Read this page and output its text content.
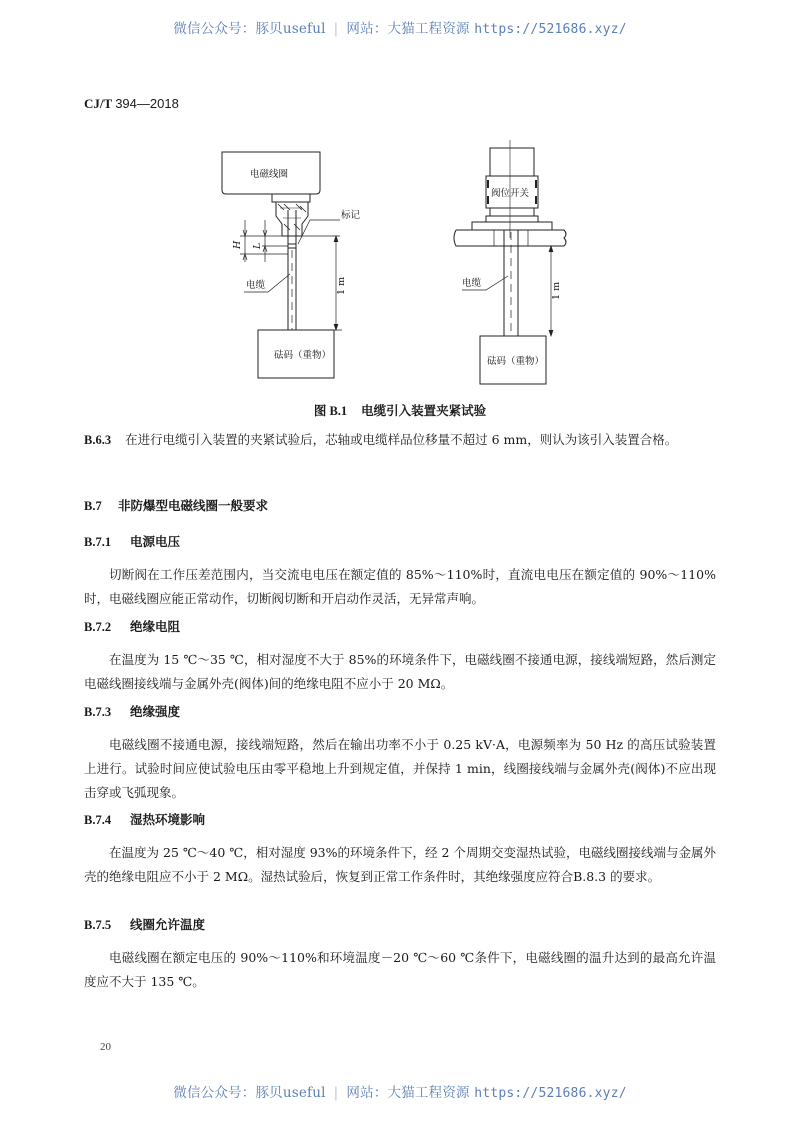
微信公众号：豚贝useful | 网站：大猫工程资源 https://521686.xyz/
CJ/T 394—2018
电磁线圈
标记
电缆
砝码（重物）
H L
1 m
阀位开关
电缆
砝码（重物）
1 m
图 B.1 电缆引入装置夹紧试验
B.6.3 在进行电缆引入装置的夹紧试验后，芯轴或电缆样品位移量不超过 6 mm，则认为该引入装置合格。
B.7 非防爆型电磁线圈一般要求
B.7.1 电源电压
切断阀在工作压差范围内，当交流电电压在额定值的 85%～110%时，直流电电压在额定值的 90%～110% 时，电磁线圈应能正常动作，切断阀切断和开启动作灵活，无异常声响。
B.7.2 绝缘电阻
在温度为 15 ℃～35 ℃，相对湿度不大于 85%的环境条件下，电磁线圈不接通电源，接线端短路，然后测定电磁线圈接线端与金属外壳(阀体)间的绝缘电阻不应小于 20 MΩ。
B.7.3 绝缘强度
电磁线圈不接通电源，接线端短路，然后在输出功率不小于 0.25 kV·A，电源频率为 50 Hz 的高压试验装置上进行。试验时间应使试验电压由零平稳地上升到规定值，并保持 1 min，线圈接线端与金属外壳(阀体)不应出现击穿或飞弧现象。
B.7.4 湿热环境影响
在温度为 25 ℃～40 ℃，相对湿度 93%的环境条件下，经 2 个周期交变湿热试验，电磁线圈接线端与金属外壳的绝缘电阻应不小于 2 MΩ。湿热试验后，恢复到正常工作条件时，其绝缘强度应符合B.8.3 的要求。
B.7.5 线圈允许温度
电磁线圈在额定电压的 90%～110%和环境温度－20 ℃～60 ℃条件下，电磁线圈的温升达到的最高允许温度应不大于 135 ℃。
20
微信公众号：豚贝useful | 网站：大猫工程资源 https://521686.xyz/
